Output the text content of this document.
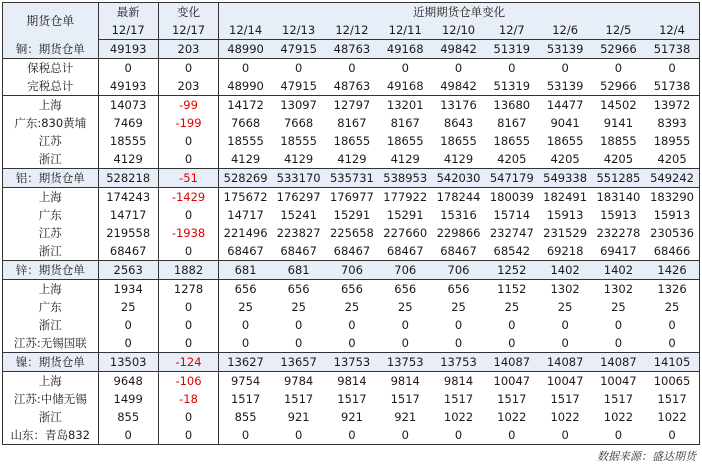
期货仓单	最新	变化	近期期货仓单变化								
	12/17	12/17	12/14	12/13	12/12	12/11	12/10	12/7	12/6	12/5	12/4
铜：期货仓单	49193	203	48990	47915	48763	49168	49842	51319	53139	52966	51738
保税总计	0	0	0	0	0	0	0	0	0	0	0
完税总计	49193	203	48990	47915	48763	49168	49842	51319	53139	52966	51738
上海	14073	-99	14172	13097	12797	13201	13176	13680	14477	14502	13972
广东:830黄埔	7469	-199	7668	7668	8167	8167	8643	8167	9041	9141	8393
江苏	18555	0	18555	18555	18655	18655	18655	18655	18655	18855	18955
浙江	4129	0	4129	4129	4129	4129	4129	4205	4205	4205	4205
铝：期货仓单	528218	-51	528269	533170	535731	538953	542030	547179	549338	551285	549242
上海	174243	-1429	175672	176297	176977	177922	178244	180039	182491	183140	183290
广东	14717	0	14717	15241	15291	15291	15316	15714	15913	15913	15913
江苏	219558	-1938	221496	223827	225658	227660	229866	232747	231529	232278	230536
浙江	68467	0	68467	68467	68467	68467	68467	68542	69218	69417	68466
锌：期货仓单	2563	1882	681	681	706	706	706	1252	1402	1402	1426
上海	1934	1278	656	656	656	656	656	1152	1302	1302	1326
广东	25	0	25	25	25	25	25	25	25	25	25
浙江	0	0	0	0	0	0	0	0	0	0	0
江苏:无锡国联	0	0	0	0	0	0	0	0	0	0	0
镍：期货仓单	13503	-124	13627	13657	13753	13753	13753	14087	14087	14087	14105
上海	9648	-106	9754	9784	9814	9814	9814	10047	10047	10047	10065
江苏:中储无锡	1499	-18	1517	1517	1517	1517	1517	1517	1517	1517	1517
浙江	855	0	855	921	921	921	1022	1022	1022	1022	1022
山东：青岛832	0	0	0	0	0	0	0	0	0	0	0
数据来源：盛达期货
